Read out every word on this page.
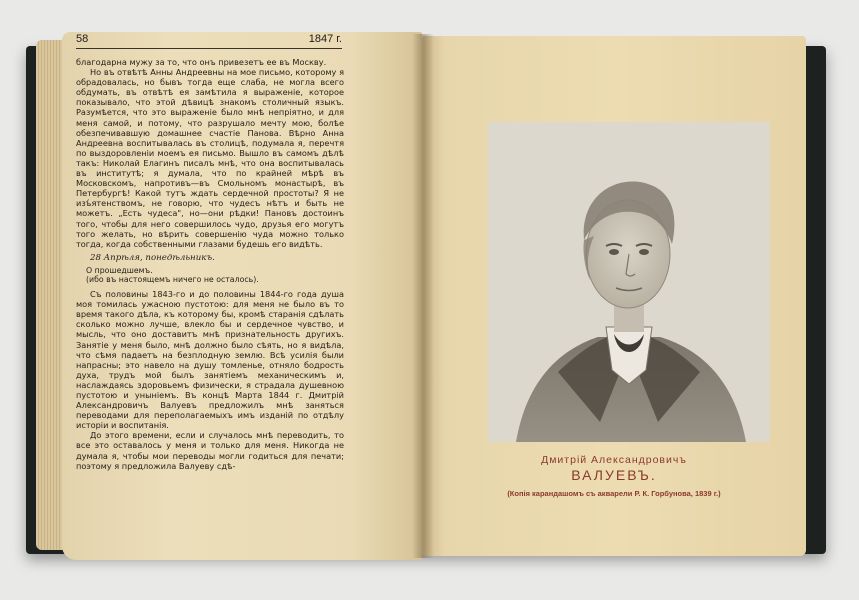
Дмитрій Александровичъ
ВАЛУЕВЪ.
(Копія карандашомъ съ акварели Р. К. Горбунова, 1839 г.)
58	1847 г.

благодарна мужу за то, что онъ привезетъ ее въ Москву.

Но въ отвѣтѣ Анны Андреевны на мое письмо, которому я обрадовалась, но бывъ тогда еще слаба, не могла всего обдумать, въ отвѣтѣ ея замѣтила я выраженіе, которое показывало, что этой дѣвицѣ знакомъ столичный языкъ. Разумѣется, что это выраженіе было мнѣ непріятно, и для меня самой, и потому, что разрушало мечту мою, болѣе обезпечивавшую домашнее счастіе Панова. Вѣрно Анна Андреевна воспитывалась въ столицѣ, подумала я, перечтя по выздоровленіи моемъ ея письмо. Вышло въ самомъ дѣлѣ такъ: Николай Елагинъ писалъ мнѣ, что она воспитывалась въ институтѣ; я думала, что по крайней мѣрѣ въ Московскомъ, напротивъ—въ Смольномъ монастырѣ, въ Петербургѣ! Какой тутъ ждать сердечной простоты? Я не изъ́ятенствомъ, не говорю, что чудесъ нѣтъ и быть не можетъ. „Есть чудеса", но—они рѣдки! Пановъ достоинъ того, чтобы для него совершилось чудо, друзья его могутъ того желать, но вѣрить совершенію чуда можно только тогда, когда собственными глазами будешь его видѣть.

28 Апрѣля, понедѣльникъ.

О прошедшемъ.
(ибо въ настоящемъ ничего не осталось).

Съ половины 1843-го и до половины 1844-го года душа моя томилась ужасною пустотою: для меня не было въ то время такого дѣла, къ которому бы, кромѣ старанія сдѣлать сколько можно лучше, влекло бы и сердечное чувство, и мысль, что оно доставитъ мнѣ признательность другихъ. Занятіе у меня было, мнѣ должно было сѣять, но я видѣла, что сѣмя падаетъ на безплодную землю. Всѣ усилія были напрасны; это навело на душу томленье, отняло бодрость духа, трудъ мой былъ занятіемъ механическимъ и, наслаждаясь здоровьемъ физически, я страдала душевною пустотою и уныніемъ. Въ концѣ Марта 1844 г. Дмитрій Александровичъ Валуевъ предложилъ мнѣ заняться переводами для переполагаемыхъ имъ изданій по отдѣлу исторіи и воспитанія.

До этого времени, если и случалось мнѣ переводить, то все это оставалось у меня и только для меня. Никогда не думала я, чтобы мои переводы могли годиться для печати; поэтому я предложила Валуеву сдѣ-
